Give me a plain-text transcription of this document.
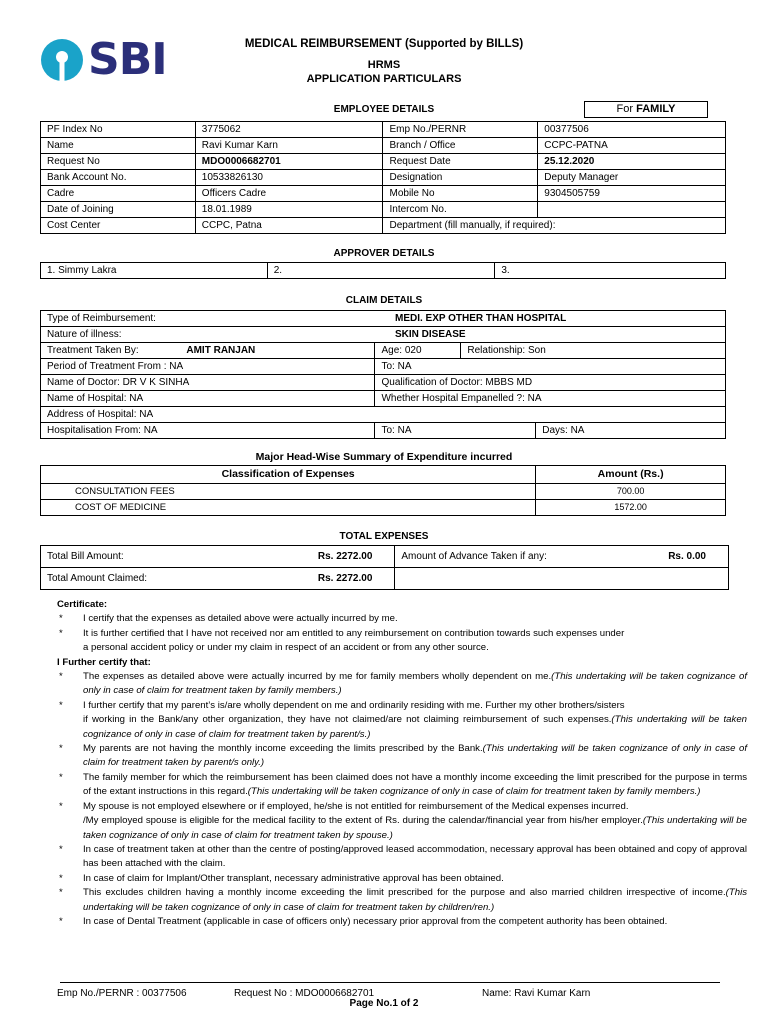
SBI	MEDICAL REIMBURSEMENT (Supported by BILLS)
HRMS
APPLICATION PARTICULARS
EMPLOYEE DETAILS	For FAMILY
PF Index No	3775062	Emp No./PERNR	00377506
Name	Ravi Kumar Karn	Branch / Office	CCPC-PATNA
Request No	MDO0006682701	Request Date	25.12.2020
Bank Account No.	10533826130	Designation	Deputy Manager
Cadre	Officers Cadre	Mobile No	9304505759
Date of Joining	18.01.1989	Intercom No.	
Cost Center	CCPC, Patna	Department (fill manually, if required):	
APPROVER DETAILS
1. Simmy Lakra	2.	3.
CLAIM DETAILS
Type of Reimbursement:		MEDI. EXP OTHER THAN HOSPITAL		
Nature of illness:		SKIN DISEASE		
Treatment Taken By:	AMIT RANJAN	Age: 020	Relationship: Son	
Period of Treatment From : NA		To: NA		
Name of Doctor: DR V K SINHA		Qualification of Doctor: MBBS MD		
Name of Hospital: NA		Whether Hospital Empanelled ?: NA		
Address of Hospital: NA				
Hospitalisation From: NA		To: NA		Days: NA
Major Head-Wise Summary of Expenditure incurred
Classification of Expenses	Amount (Rs.)
CONSULTATION FEES	700.00
COST OF MEDICINE	1572.00
TOTAL EXPENSES
Total Bill Amount:	Rs. 2272.00	Amount of Advance Taken if any:	Rs. 0.00
Total Amount Claimed:	Rs. 2272.00		
Certificate:
* I certify that the expenses as detailed above were actually incurred by me.
* It is further certified that I have not received nor am entitled to any reimbursement on contribution towards such expenses under
a personal accident policy or under my claim in respect of an accident or from any other source.
I Further certify that:
* The expenses as detailed above were actually incurred by me for family members wholly dependent on me.(This undertaking will be taken cognizance of only in case of claim for treatment taken by family members.)
* I further certify that my parent’s is/are wholly dependent on me and ordinarily residing with me. Further my other brothers/sisters
if working in the Bank/any other organization, they have not claimed/are not claiming reimbursement of such expenses.(This undertaking will be taken cognizance of only in case of claim for treatment taken by parent/s.)
* My parents are not having the monthly income exceeding the limits prescribed by the Bank.(This undertaking will be taken cognizance of only in case of claim for treatment taken by parent/s only.)
* The family member for which the reimbursement has been claimed does not have a monthly income exceeding the limit prescribed for the purpose in terms of the extant instructions in this regard.(This undertaking will be taken cognizance of only in case of claim for treatment taken by family members.)
* My spouse is not employed elsewhere or if employed, he/she is not entitled for reimbursement of the Medical expenses incurred.
/My employed spouse is eligible for the medical facility to the extent of Rs. during the calendar/financial year from his/her employer.(This undertaking will be taken cognizance of only in case of claim for treatment taken by spouse.)
* In case of treatment taken at other than the centre of posting/approved leased accommodation, necessary approval has been obtained and copy of approval has been attached with the claim.
* In case of claim for Implant/Other transplant, necessary administrative approval has been obtained.
* This excludes children having a monthly income exceeding the limit prescribed for the purpose and also married children irrespective of income.(This undertaking will be taken cognizance of only in case of claim for treatment taken by children/ren.)
* In case of Dental Treatment (applicable in case of officers only) necessary prior approval from the competent authority has been obtained.
Emp No./PERNR : 00377506	Request No : MDO0006682701	Name: Ravi Kumar Karn
Page No.1 of 2
